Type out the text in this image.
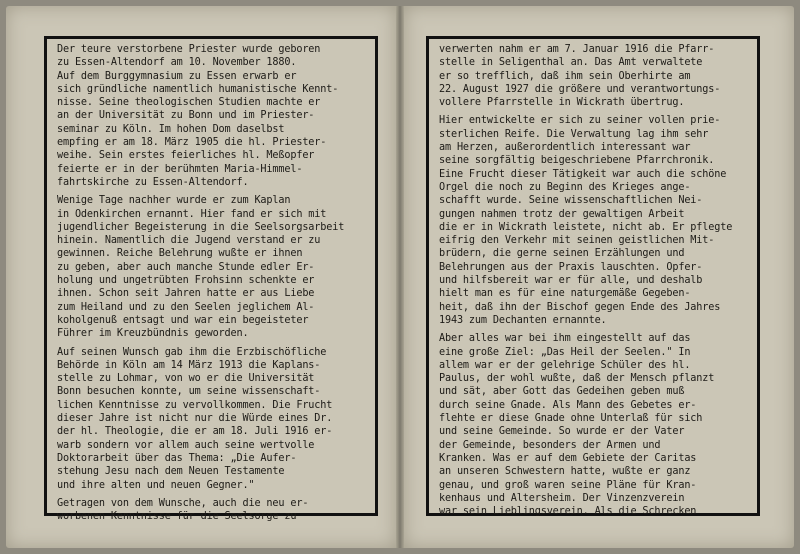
Der teure verstorbene Priester wurde geboren
zu Essen-Altendorf am 10. November 1880.
Auf dem Burggymnasium zu Essen erwarb er
sich gründliche namentlich humanistische Kennt-
nisse. Seine theologischen Studien machte er
an der Universität zu Bonn und im Priester-
seminar zu Köln. Im hohen Dom daselbst
empfing er am 18. März 1905 die hl. Priester-
weihe. Sein erstes feierliches hl. Meßopfer
feierte er in der berühmten Maria-Himmel-
fahrtskirche zu Essen-Altendorf.
Wenige Tage nachher wurde er zum Kaplan
in Odenkirchen ernannt. Hier fand er sich mit
jugendlicher Begeisterung in die Seelsorgsarbeit
hinein. Namentlich die Jugend verstand er zu
gewinnen. Reiche Belehrung wußte er ihnen
zu geben, aber auch manche Stunde edler Er-
holung und ungetrübten Frohsinn schenkte er
ihnen. Schon seit Jahren hatte er aus Liebe
zum Heiland und zu den Seelen jeglichem Al-
koholgenuß entsagt und war ein begeisteter
Führer im Kreuzbündnis geworden.
Auf seinen Wunsch gab ihm die Erzbischöfliche
Behörde in Köln am 14 März 1913 die Kaplans-
stelle zu Lohmar, von wo er die Universität
Bonn besuchen konnte, um seine wissenschaft-
lichen Kenntnisse zu vervollkommen. Die Frucht
dieser Jahre ist nicht nur die Würde eines Dr.
der hl. Theologie, die er am 18. Juli 1916 er-
warb sondern vor allem auch seine wertvolle
Doktorarbeit über das Thema: „Die Aufer-
stehung Jesu nach dem Neuen Testamente
und ihre alten und neuen Gegner."
Getragen von dem Wunsche, auch die neu er-
worbenen Kenntnisse für die Seelsorge zu
verwerten nahm er am 7. Januar 1916 die Pfarr-
stelle in Seligenthal an. Das Amt verwaltete
er so trefflich, daß ihm sein Oberhirte am
22. August 1927 die größere und verantwortungs-
vollere Pfarrstelle in Wickrath übertrug.
Hier entwickelte er sich zu seiner vollen prie-
sterlichen Reife. Die Verwaltung lag ihm sehr
am Herzen, außerordentlich interessant war
seine sorgfältig beigeschriebene Pfarrchronik.
Eine Frucht dieser Tätigkeit war auch die schöne
Orgel die noch zu Beginn des Krieges ange-
schafft wurde. Seine wissenschaftlichen Nei-
gungen nahmen trotz der gewaltigen Arbeit
die er in Wickrath leistete, nicht ab. Er pflegte
eifrig den Verkehr mit seinen geistlichen Mit-
brüdern, die gerne seinen Erzählungen und
Belehrungen aus der Praxis lauschten. Opfer-
und hilfsbereit war er für alle, und deshalb
hielt man es für eine naturgemäße Gegeben-
heit, daß ihn der Bischof gegen Ende des Jahres
1943 zum Dechanten ernannte.
Aber alles war bei ihm eingestellt auf das
eine große Ziel: „Das Heil der Seelen." In
allem war er der gelehrige Schüler des hl.
Paulus, der wohl wußte, daß der Mensch pflanzt
und sät, aber Gott das Gedeihen geben muß
durch seine Gnade. Als Mann des Gebetes er-
flehte er diese Gnade ohne Unterlaß für sich
und seine Gemeinde. So wurde er der Vater
der Gemeinde, besonders der Armen und
Kranken. Was er auf dem Gebiete der Caritas
an unseren Schwestern hatte, wußte er ganz
genau, und groß waren seine Pläne für Kran-
kenhaus und Altersheim. Der Vinzenzverein
war sein Lieblingsverein. Als die Schrecken
